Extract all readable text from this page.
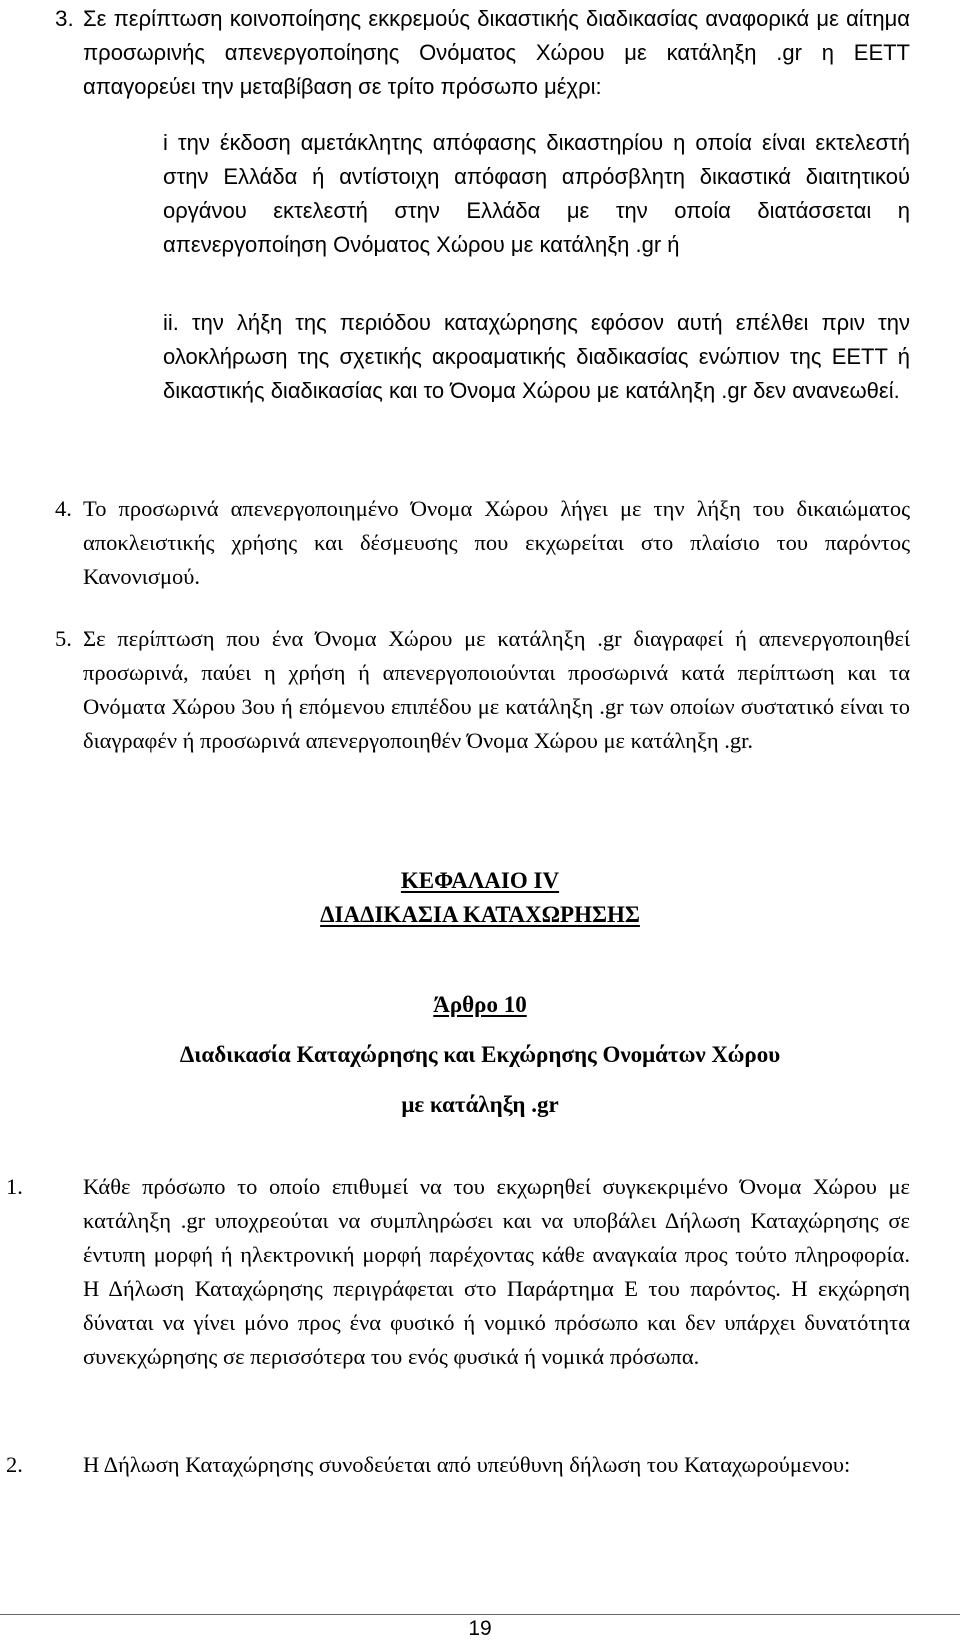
3. Σε περίπτωση κοινοποίησης εκκρεμούς δικαστικής διαδικασίας αναφορικά με αίτημα προσωρινής απενεργοποίησης Ονόματος Χώρου με κατάληξη .gr η ΕΕΤΤ απαγορεύει την μεταβίβαση σε τρίτο πρόσωπο μέχρι:

i την έκδοση αμετάκλητης απόφασης δικαστηρίου η οποία είναι εκτελεστή στην Ελλάδα ή αντίστοιχη απόφαση απρόσβλητη δικαστικά διαιτητικού οργάνου εκτελεστή στην Ελλάδα με την οποία διατάσσεται η απενεργοποίηση Ονόματος Χώρου με κατάληξη .gr ή

ii. την λήξη της περιόδου καταχώρησης εφόσον αυτή επέλθει πριν την ολοκλήρωση της σχετικής ακροαματικής διαδικασίας ενώπιον της ΕΕΤΤ ή δικαστικής διαδικασίας και το Όνομα Χώρου με κατάληξη .gr δεν ανανεωθεί.

4. Το προσωρινά απενεργοποιημένο Όνομα Χώρου λήγει με την λήξη του δικαιώματος αποκλειστικής χρήσης και δέσμευσης που εκχωρείται στο πλαίσιο του παρόντος Κανονισμού.

5. Σε περίπτωση που ένα Όνομα Χώρου με κατάληξη .gr διαγραφεί ή απενεργοποιηθεί προσωρινά, παύει η χρήση ή απενεργοποιούνται προσωρινά κατά περίπτωση και τα Ονόματα Χώρου 3ου ή επόμενου επιπέδου με κατάληξη .gr των οποίων συστατικό είναι το διαγραφέν ή προσωρινά απενεργοποιηθέν Όνομα Χώρου με κατάληξη .gr.

ΚΕΦΑΛΑΙΟ IV

ΔΙΑΔΙΚΑΣΙΑ ΚΑΤΑΧΩΡΗΣΗΣ

Άρθρο 10

Διαδικασία Καταχώρησης και Εκχώρησης Ονομάτων Χώρου

με κατάληξη .gr

1.	Κάθε πρόσωπο το οποίο επιθυμεί να του εκχωρηθεί συγκεκριμένο Όνομα Χώρου με κατάληξη .gr υποχρεούται να συμπληρώσει και να υποβάλει Δήλωση Καταχώρησης σε έντυπη μορφή ή ηλεκτρονική μορφή παρέχοντας κάθε αναγκαία προς τούτο πληροφορία. Η Δήλωση Καταχώρησης περιγράφεται στο Παράρτημα Ε του παρόντος. Η εκχώρηση δύναται να γίνει μόνο προς ένα φυσικό ή νομικό πρόσωπο και δεν υπάρχει δυνατότητα συνεκχώρησης σε περισσότερα του ενός φυσικά ή νομικά πρόσωπα.

2.	Η Δήλωση Καταχώρησης συνοδεύεται από υπεύθυνη δήλωση του Καταχωρούμενου:

19
